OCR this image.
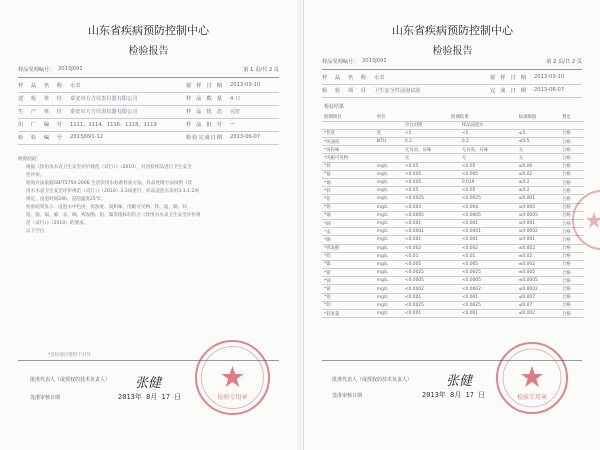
山东省疾病预防控制中心
检验报告
样品受理编号： 2013J091	第 1 页/共 2 页
样品名称 水表	接样日期 2013-03-10
送检单位 泰安市方力仪表仪器有限公司	样品数量 4 只
生产单位 泰安市方力仪表仪器有限公司	样品状态 完好
出厂编号 1111、1114、1116、1118、1119	样品批号 —
检验编号 2013J091-12	检验完成日期 2013-06-07
检验结论：
根据《饮用水水表卫生安全评价规范（试行）》（2010），对送检样品进行卫生安全
性评价。
检验方法依据GB/T5750-2006 生活饮用水标准检验方法，样品处理方法按照《饮
用水水表卫生安全评价规范（试行）》（2010）3.3项进行，样品浸泡水采用3.3.1.2项
规定，浸泡时间24h，浸泡温度25℃。
检验结果显示：浸泡水中色度、浑浊度、臭和味、肉眼可见物、铁、锰、铜、锌、
铅、铬、镉、砷、汞、硒、挥发酚、铝、镍等指标均符合《饮用水水表卫生安全评价规
范（试行）》（2010）的要求。
以下空白
*自检项目资料不对外
批准代表人（或授权的技术负责人） 张健
签准审核日期	2013年 8月 17 日	检验专用章
山东省疾病预防控制中心
检验报告
样品受理编号： 2013J091	第 2 页/共 2 页
样品名称 水表	接样日期 2013-03-10
检验项目 卫生安全性浸泡试验	完成日期 2013-06-07
检验结果
检测项目	单位	检测结果		标准限值	判定
		空白对照	样品浸泡水		
*色度	度	<5	<5	≤5	合格
*浑浊度	NTU	0.2	0.2	≤0.5	合格
*臭和味		无异臭、异味	无异臭、异味	无	合格
*肉眼可见物		无	无	无	合格
*铁	mg/L	<0.05	<0.05	≤0.06	合格
*锰	mg/L	<0.005	<0.005	≤0.02	合格
*铜	mg/L	<0.005	0.019	≤0.2	合格
*锌	mg/L	<0.05	<0.05	≤0.2	合格
*铅	mg/L	<0.0025	<0.0025	≤0.001	合格
*铬	mg/L	<0.004	<0.004	≤0.005	合格
*镉	mg/L	<0.0005	<0.0005	≤0.0005	合格
*砷	mg/L	<0.001	<0.001	≤0.001	合格
*汞	mg/L	<0.0001	<0.0001	≤0.0002	合格
*硒	mg/L	<0.001	<0.001	≤0.001	合格
*挥发酚	mg/L	<0.002	<0.002	≤0.002	合格
*铝	mg/L	<0.01	<0.01	≤0.02	合格
*镍	mg/L	<0.005	<0.005	≤0.002	合格
*银	mg/L	<0.0025	<0.0025	≤0.005	合格
*锑	mg/L	<0.0005	<0.0005	≤0.0005	合格
*铍	mg/L	<0.0002	<0.0002	≤0.0002	合格
*钼	mg/L	<0.001	<0.001	≤0.007	合格
*钡	mg/L	<0.0025	<0.0025	≤0.07	合格
*耗氧量	mg/L	<0.001	<0.001	≤0.002	合格
批准代表人（或授权的技术负责人）	张健
签准审核日期	2013年 8月 17 日	检验专用章
